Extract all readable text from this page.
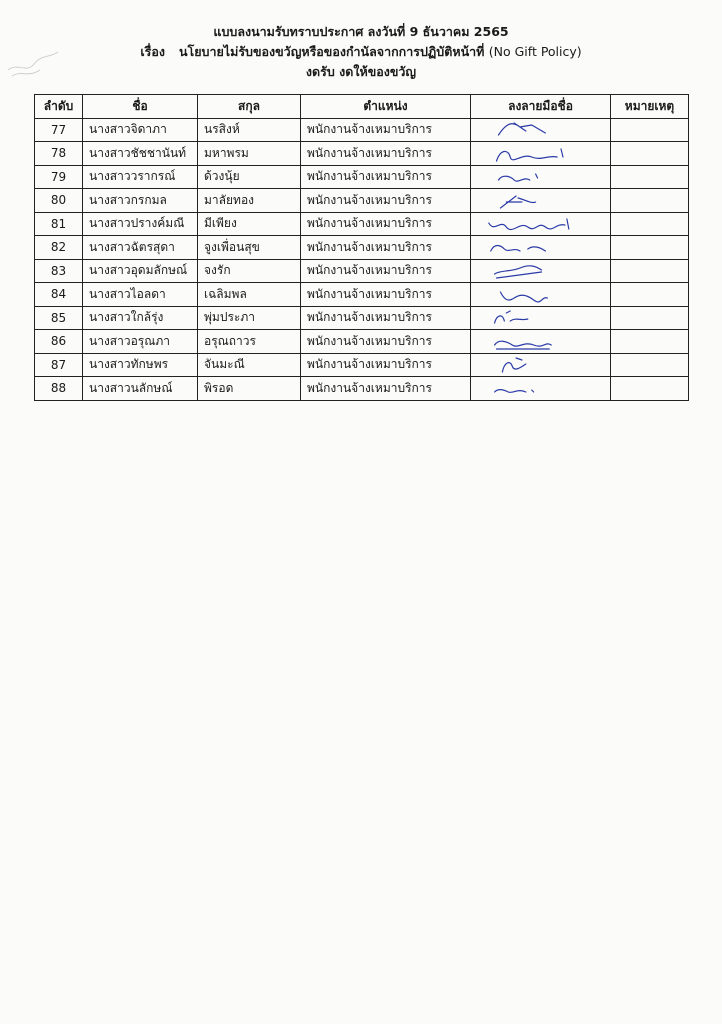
แบบลงนามรับทราบประกาศ ลงวันที่ 9 ธันวาคม 2565
เรื่อง นโยบายไม่รับของขวัญหรือของกำนัลจากการปฏิบัติหน้าที่ (No Gift Policy)
งดรับ งดให้ของขวัญ
ลำดับ	ชื่อ	สกุล	ตำแหน่ง	ลงลายมือชื่อ	หมายเหตุ
77	นางสาวจิดาภา	นรสิงห์	พนักงานจ้างเหมาบริการ	

78	นางสาวชัชชานันท์	มหาพรม	พนักงานจ้างเหมาบริการ	

79	นางสาววรากรณ์	ด้วงนุ้ย	พนักงานจ้างเหมาบริการ	

80	นางสาวกรกมล	มาลัยทอง	พนักงานจ้างเหมาบริการ	

81	นางสาวปรางค์มณี	มีเพียง	พนักงานจ้างเหมาบริการ	

82	นางสาวฉัตรสุดา	จูงเพื่อนสุข	พนักงานจ้างเหมาบริการ	

83	นางสาวอุดมลักษณ์	จงรัก	พนักงานจ้างเหมาบริการ	

84	นางสาวไอลดา	เฉลิมพล	พนักงานจ้างเหมาบริการ	

85	นางสาวใกล้รุ่ง	พุ่มประภา	พนักงานจ้างเหมาบริการ	

86	นางสาวอรุณภา	อรุณถาวร	พนักงานจ้างเหมาบริการ	

87	นางสาวทักษพร	จันมะณี	พนักงานจ้างเหมาบริการ	

88	นางสาวนลักษณ์	พิรอด	พนักงานจ้างเหมาบริการ	
